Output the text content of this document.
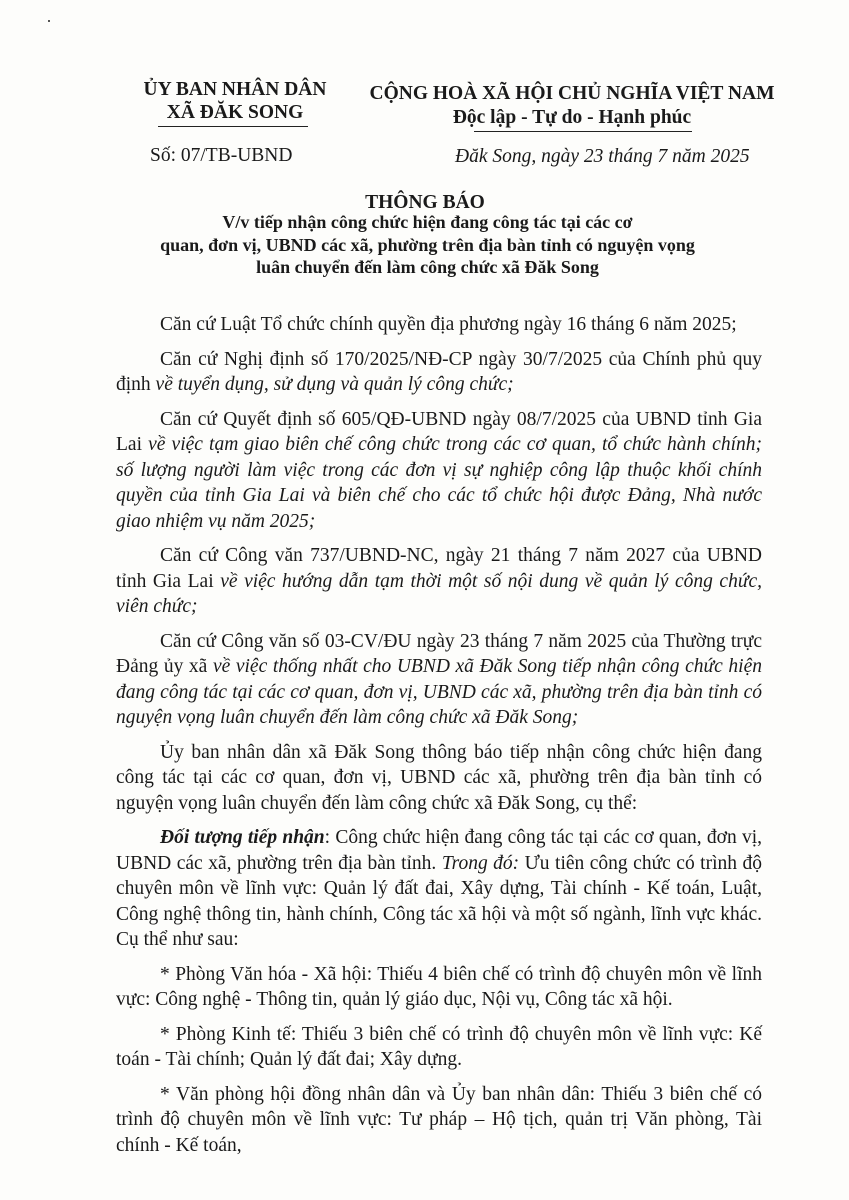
ỦY BAN NHÂN DÂN
XÃ ĐĂK SONG
CỘNG HOÀ XÃ HỘI CHỦ NGHĨA VIỆT NAM
Độc lập - Tự do - Hạnh phúc
Số: 07/TB-UBND	Đăk Song, ngày 23 tháng 7 năm 2025
THÔNG BÁO
V/v tiếp nhận công chức hiện đang công tác tại các cơ
quan, đơn vị, UBND các xã, phường trên địa bàn tỉnh có nguyện vọng
luân chuyển đến làm công chức xã Đăk Song

Căn cứ Luật Tổ chức chính quyền địa phương ngày 16 tháng 6 năm 2025;

Căn cứ Nghị định số 170/2025/NĐ-CP ngày 30/7/2025 của Chính phủ quy định về tuyển dụng, sử dụng và quản lý công chức;

Căn cứ Quyết định số 605/QĐ-UBND ngày 08/7/2025 của UBND tỉnh Gia Lai về việc tạm giao biên chế công chức trong các cơ quan, tổ chức hành chính; số lượng người làm việc trong các đơn vị sự nghiệp công lập thuộc khối chính quyền của tỉnh Gia Lai và biên chế cho các tổ chức hội được Đảng, Nhà nước giao nhiệm vụ năm 2025;

Căn cứ Công văn 737/UBND-NC, ngày 21 tháng 7 năm 2027 của UBND tỉnh Gia Lai về việc hướng dẫn tạm thời một số nội dung về quản lý công chức, viên chức;

Căn cứ Công văn số 03-CV/ĐU ngày 23 tháng 7 năm 2025 của Thường trực Đảng ủy xã về việc thống nhất cho UBND xã Đăk Song tiếp nhận công chức hiện đang công tác tại các cơ quan, đơn vị, UBND các xã, phường trên địa bàn tỉnh có nguyện vọng luân chuyển đến làm công chức xã Đăk Song;

Ủy ban nhân dân xã Đăk Song thông báo tiếp nhận công chức hiện đang công tác tại các cơ quan, đơn vị, UBND các xã, phường trên địa bàn tỉnh có nguyện vọng luân chuyển đến làm công chức xã Đăk Song, cụ thể:

Đối tượng tiếp nhận: Công chức hiện đang công tác tại các cơ quan, đơn vị, UBND các xã, phường trên địa bàn tỉnh. Trong đó: Ưu tiên công chức có trình độ chuyên môn về lĩnh vực: Quản lý đất đai, Xây dựng, Tài chính - Kế toán, Luật, Công nghệ thông tin, hành chính, Công tác xã hội và một số ngành, lĩnh vực khác. Cụ thể như sau:

* Phòng Văn hóa - Xã hội: Thiếu 4 biên chế có trình độ chuyên môn về lĩnh vực: Công nghệ - Thông tin, quản lý giáo dục, Nội vụ, Công tác xã hội.

* Phòng Kinh tế: Thiếu 3 biên chế có trình độ chuyên môn về lĩnh vực: Kế toán - Tài chính; Quản lý đất đai; Xây dựng.

* Văn phòng hội đồng nhân dân và Ủy ban nhân dân: Thiếu 3 biên chế có trình độ chuyên môn về lĩnh vực: Tư pháp – Hộ tịch, quản trị Văn phòng, Tài chính - Kế toán,
